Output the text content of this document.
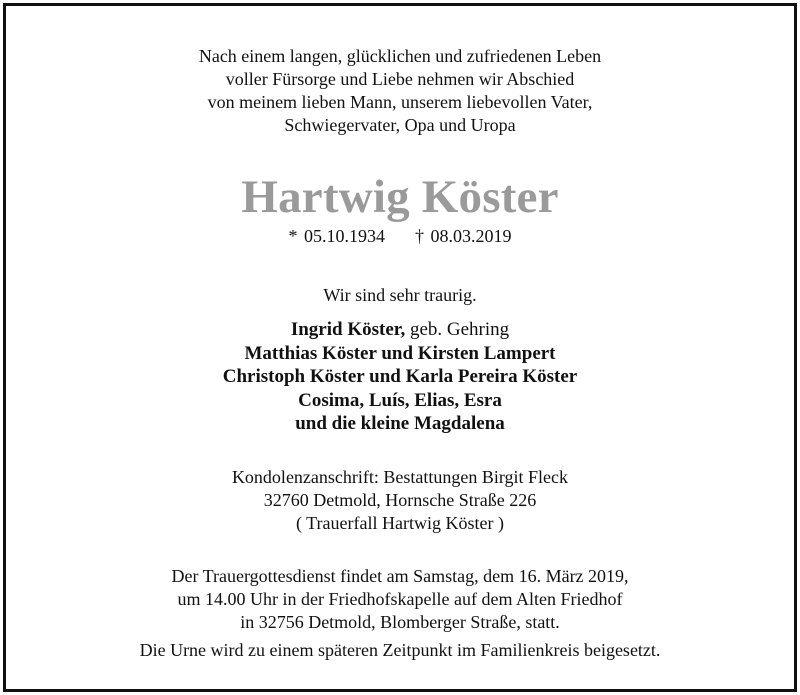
Nach einem langen, glücklichen und zufriedenen Leben
voller Fürsorge und Liebe nehmen wir Abschied
von meinem lieben Mann, unserem liebevollen Vater,
Schwiegervater, Opa und Uropa
Hartwig Köster
* 05.10.1934 † 08.03.2019
Wir sind sehr traurig.
Ingrid Köster, geb. Gehring
Matthias Köster und Kirsten Lampert
Christoph Köster und Karla Pereira Köster
Cosima, Luís, Elias, Esra
und die kleine Magdalena
Kondolenzanschrift: Bestattungen Birgit Fleck
32760 Detmold, Hornsche Straße 226
( Trauerfall Hartwig Köster )
Der Trauergottesdienst findet am Samstag, dem 16. März 2019,
um 14.00 Uhr in der Friedhofskapelle auf dem Alten Friedhof
in 32756 Detmold, Blomberger Straße, statt.
Die Urne wird zu einem späteren Zeitpunkt im Familienkreis beigesetzt.
